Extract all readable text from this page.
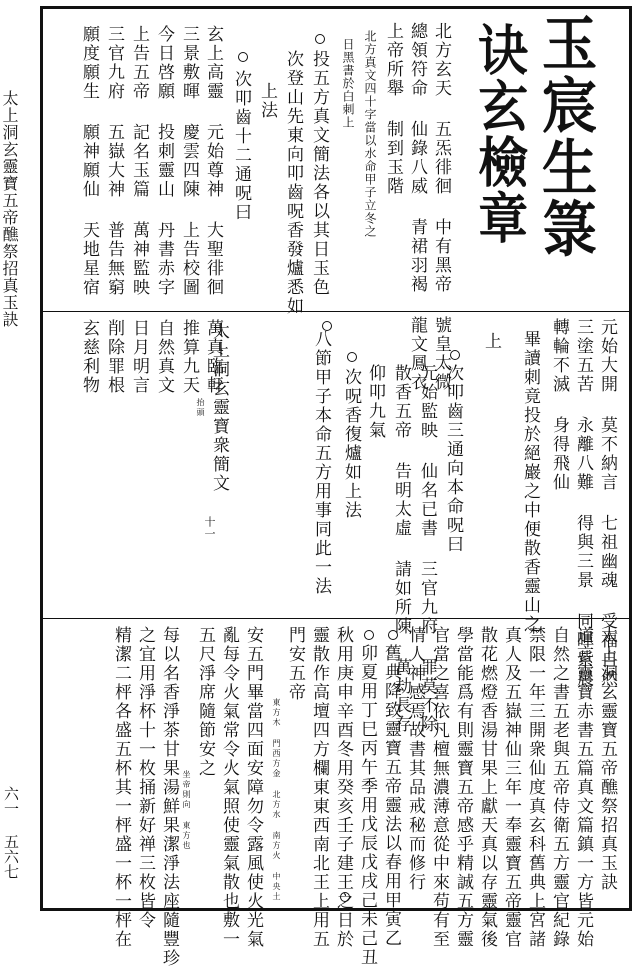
太上洞玄靈寶五帝醮祭招真玉訣
六一 五六七
玉宸生箓
诀玄檢章
北方玄天 五炁徘徊 中有黑帝 號皇太微
總領符命 仙錄八威 青裙羽褐 龍文鳳衣
上帝所舉 制到玉階
北方真文四十字當以水命甲子立冬之
日黑書於白刺上
投五方真文簡法各以其日玉色
次登山先東向叩齒呪香發爐悉如
上法
次叩齒十二通呪曰
玄上高靈 元始尊神 大聖徘徊 萬真臨軒
三景敷暉 慶雲四陳 上告校圖 推算九天
今日啓願 投刺靈山 丹書赤字 自然真文
上告五帝 記名玉篇 萬神監映 日月明言
三官九府 五嶽大神 普告無窮 削除罪根
願度願生 願神願仙 天地星宿 玄慈利物
元始大開 莫不納言 七祖幽魂 受福自然
三塗五苦 永離八難 得與三景 同暉紫晨
轉輪不滅 身得飛仙
畢讀刺竟投於絕巖之中便散香靈山之
上
次叩齒三通向本命呪曰
元始監映 仙名已書 三官九府 罪莫不除
散香五帝 告明太虛 請如所陳 萬劫長存
仰叩九氣
次呪香復爐如上法
八節甲子本命五方用事同此一法
太上洞玄靈寶衆簡文
十一
抬頭
太上洞玄靈寶五帝醮祭招真玉訣
道言靈寶赤書五篇真文篇鎮一方皆元始
自然之書五老與五帝侍衛五方靈官紀錄
禁限一年三開衆仙度真玄科舊典上宮諸
真人及五嶽神仙三年一奉靈寶五帝靈官
散花燃燈香湯甘果上獻天真以存靈氣後
學當能爲有則靈寶五帝感乎精誠五方靈
官當之喜依凡檀無濃薄意從中來苟有至
情人神感焉故書其品戒秘而修行
舊典降致靈寶五帝靈法以春用甲寅乙
卯夏用丁巳丙午季用戊辰戊戌己未己丑
秋用庚申辛酉冬用癸亥壬子建王之日於
靈散作高壇四方欄東東西南北王上用五
門安五帝
東方木 門西方金 北方水 南方火 中央土
安五門畢當四面安障勿令露風使火光氣
亂每令火氣常令火氣照使靈氣散也敷一
五尺淨席隨節安之
坐帝則向 東方也
每以名香淨茶甘果湯鮮果潔淨法座隨豐珍
之宜用淨杯十一枚捅新好禅三枚皆令
精潔二枰各盛五杯其一枰盛一杯一枰在
